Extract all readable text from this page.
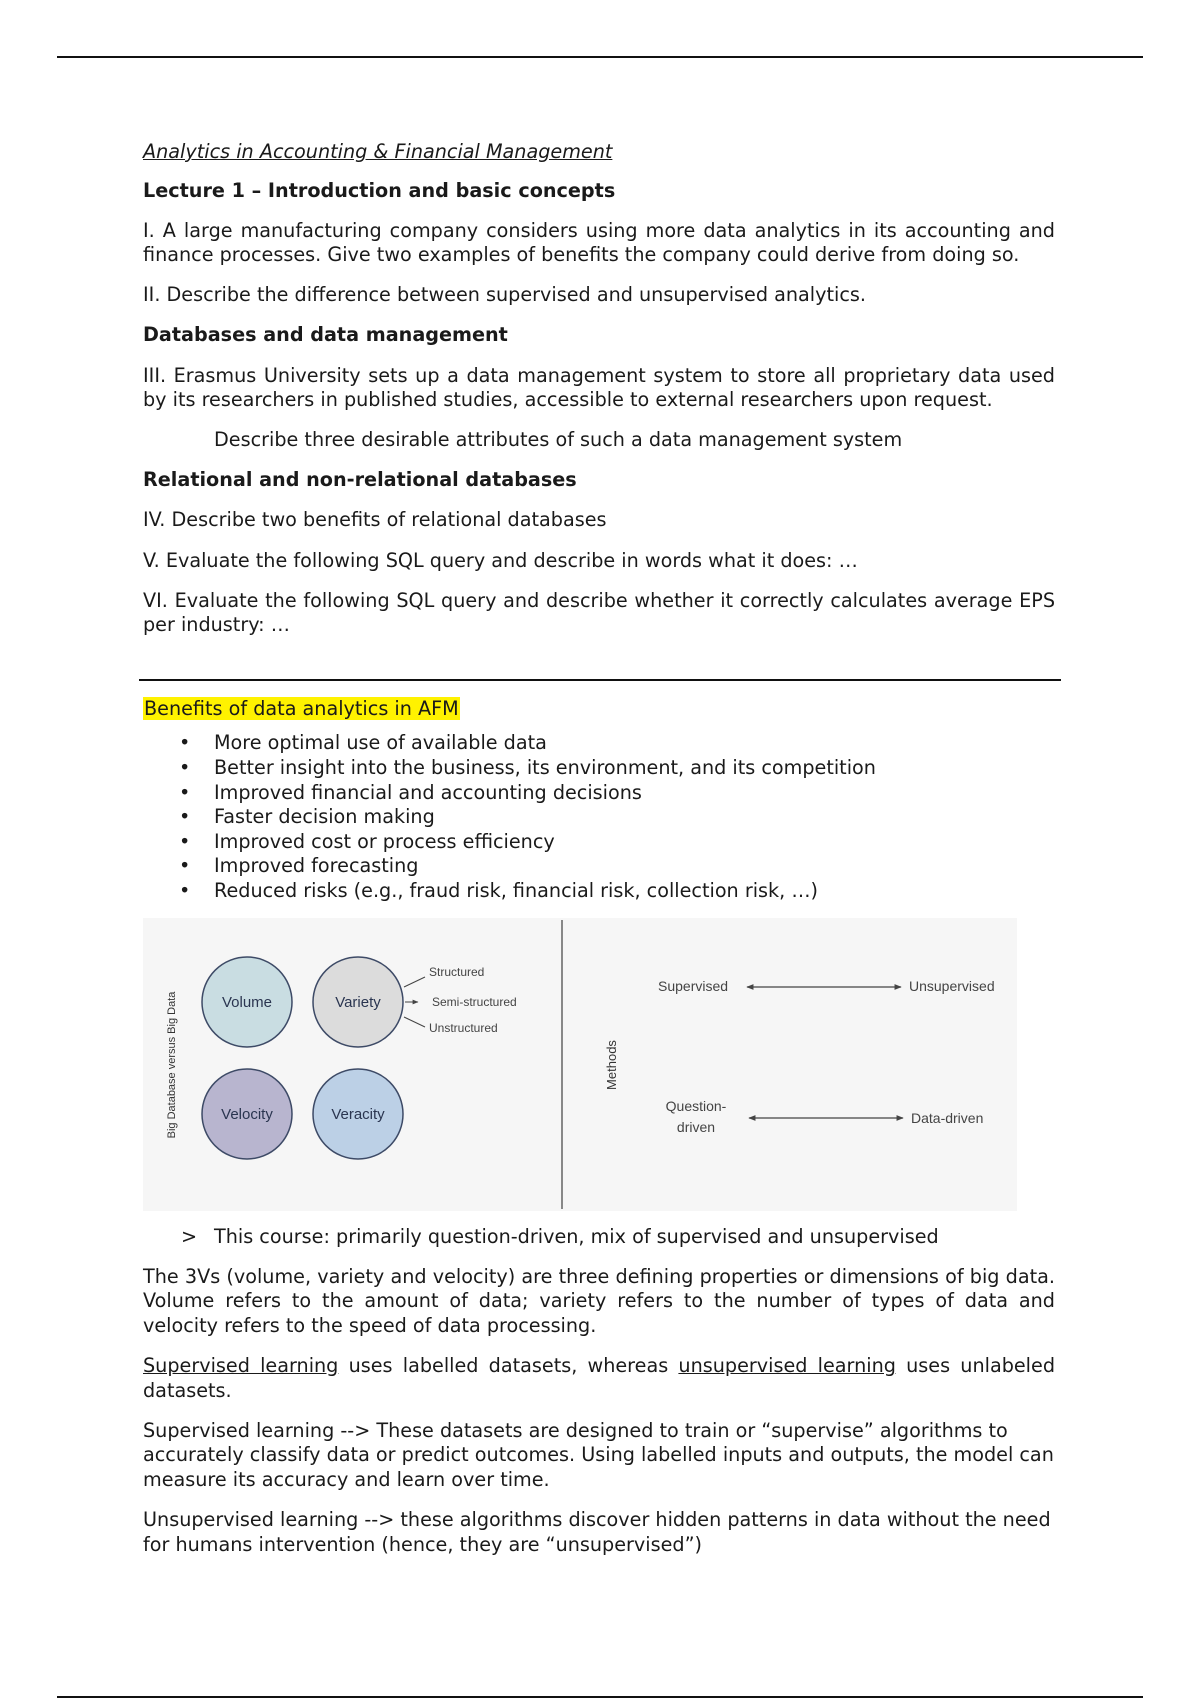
Analytics in Accounting & Financial Management

Lecture 1 – Introduction and basic concepts

I. A large manufacturing company considers using more data analytics in its accounting and finance processes. Give two examples of benefits the company could derive from doing so.

II. Describe the difference between supervised and unsupervised analytics.

Databases and data management

III. Erasmus University sets up a data management system to store all proprietary data used by its researchers in published studies, accessible to external researchers upon request.

Describe three desirable attributes of such a data management system

Relational and non-relational databases

IV. Describe two benefits of relational databases

V. Evaluate the following SQL query and describe in words what it does: …

VI. Evaluate the following SQL query and describe whether it correctly calculates average EPS per industry: …

Benefits of data analytics in AFM
• More optimal use of available data
• Better insight into the business, its environment, and its competition
• Improved financial and accounting decisions
• Faster decision making
• Improved cost or process efficiency
• Improved forecasting
• Reduced risks (e.g., fraud risk, financial risk, collection risk, …)
Big Database versus Big Data	Volume	Variety
Velocity	Veracity
Structured
Semi-structured
Unstructured
Methods
Supervised	Unsupervised
Question-
driven
Data-driven
> This course: primarily question-driven, mix of supervised and unsupervised

The 3Vs (volume, variety and velocity) are three defining properties or dimensions of big data. Volume refers to the amount of data; variety refers to the number of types of data and velocity refers to the speed of data processing.

Supervised learning uses labelled datasets, whereas unsupervised learning uses unlabeled datasets.

Supervised learning --> These datasets are designed to train or “supervise” algorithms to accurately classify data or predict outcomes. Using labelled inputs and outputs, the model can measure its accuracy and learn over time.

Unsupervised learning --> these algorithms discover hidden patterns in data without the need for humans intervention (hence, they are “unsupervised”)
